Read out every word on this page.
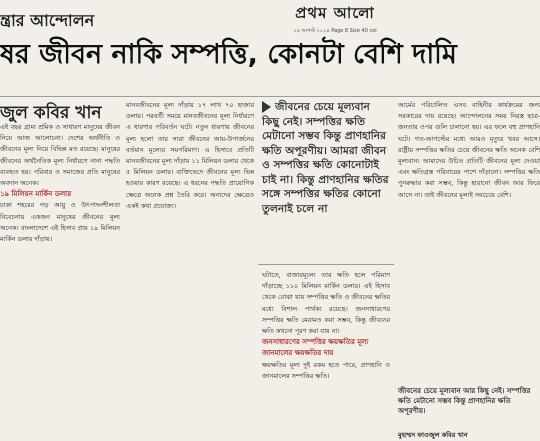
প্রথম আলো
২৯ আগস্ট ২০২৪ Page 8 Size 40 col
ন্ত্রার আন্দোলন
ষর জীবন নাকি সম্পত্তি, কোনটা বেশি দামি
জুল কবির খান

এই বছর গ্রাম্য শ্রমিক ও সাধারণ মানুষের জীবন নিয়ে আজ আলোচনা। দেশের অর্থনীতি ও জীবনের মূল্য নিয়ে বিভিন্ন মত রয়েছে। মানুষের জীবনের অর্থনৈতিক মূল্য নির্ধারণে নানা পদ্ধতি ব্যবহৃত হয়। পরিবার ও সমাজের প্রতি মানুষের অবদান অনেক।

১৯ মিলিয়ন মার্কিন ডলার

ঢাকা শহরের গড় আয়ু ও উৎপাদনশীলতা বিবেচনায় একজন মানুষের জীবনের মূল্য অনেক। বাংলাদেশে এই হিসাব প্রায় ১৯ মিলিয়ন মার্কিন ডলার দাঁড়ায়।

মানবজীবনের মূল্য দাঁড়ায় ১৭ লাখ ৭০ হাজার ডলার। পরবর্তী সময়ে মানবজীবনের মূল্য নির্ধারণে এ ধারণার পরিবর্তন ঘটে। নতুন ধারণায় জীবনের মূল্য হলো তার সারা জীবনের আয়-উপার্জনের বর্তমান মূল্যের সমপরিমাণ। এ হিসাবে প্রতিটি মানবজীবনের মূল্য দাঁড়ায় ১১ মিলিয়ন ডলার থেকে ৫ মিলিয়ন ডলার। ব্যক্তিভেদে জীবনের মূল্য ভিন্ন হওয়ার কারণ রয়েছে। এ ধরনের পদ্ধতি প্রায়োগিক ক্ষেত্রে অনেক প্রশ্ন তৈরি করে। অন্যদের ক্ষেত্রেও একই কথা প্রযোজ্য।

জীবনের চেয়ে মূল্যবান কিছু নেই। সম্পত্তির ক্ষতি মেটানো সম্ভব কিন্তু প্রাণহানির ক্ষতি অপূরণীয়। আমরা জীবন ও সম্পত্তির ক্ষতি কোনোটাই চাই না। কিন্তু প্রাণহানির ক্ষতির সঙ্গে সম্পত্তির ক্ষতির কোনো তুলনাই চলে না

ঘটাতে, বাজারমূল্যে তার ক্ষতি হলে পরিমাণ দাঁড়াচ্ছে ১১০ মিলিয়ন মার্কিন ডলার। এই হিসাব থেকে বোঝা যায় সম্পত্তির ক্ষতি ও জীবনের ক্ষতির মধ্যে বিশাল পার্থক্য রয়েছে। জনসাধারণের সম্পত্তির ক্ষতি মেরামত করা সম্ভব, কিন্তু জীবনের ক্ষতি কখনো পূরণ করা যায় না।

জনসাধারণের সম্পত্তির ক্ষয়ক্ষতির মূল্য

জানমালের ক্ষয়ক্ষতির দায়

ক্ষয়ক্ষতির মূল্য দুই রকম হতে পারে, প্রাণহানি ও জানমালের সম্পত্তির ক্ষতি।

আর্মের পরিচালিত এসব বাহিনীর কার্যক্রমের জন্য সরকারের দায় রয়েছে। আন্দোলনের সময় নিরস্ত্র ছাত্র-জনতার ওপর গুলি চালানো হয়। এর ফলে বহু প্রাণহানি ঘটে। গত-আগস্টের মধ্যে আরও মৃত্যুর খবর আসে। রাষ্ট্রীয় সম্পত্তির ক্ষতির চেয়ে জীবনের ক্ষতি অনেক বেশি মূল্যবান। আমাদের উচিত প্রতিটি জীবনের মূল্য দেওয়া এবং ক্ষতিগ্রস্ত পরিবারের পাশে দাঁড়ানো। সম্পত্তির ক্ষতি পুনরুদ্ধার করা সম্ভব, কিন্তু হারানো জীবন আর ফিরে আসে না। তাই জীবনের মূল্যই সবচেয়ে বেশি।

জীবনের চেয়ে মূল্যবান আর কিছু নেই। সম্পত্তির ক্ষতি মেটানো সম্ভব কিন্তু প্রাণহানির ক্ষতি অপূরণীয়।
মুহাম্মদ ফাওজুল কবির খান
